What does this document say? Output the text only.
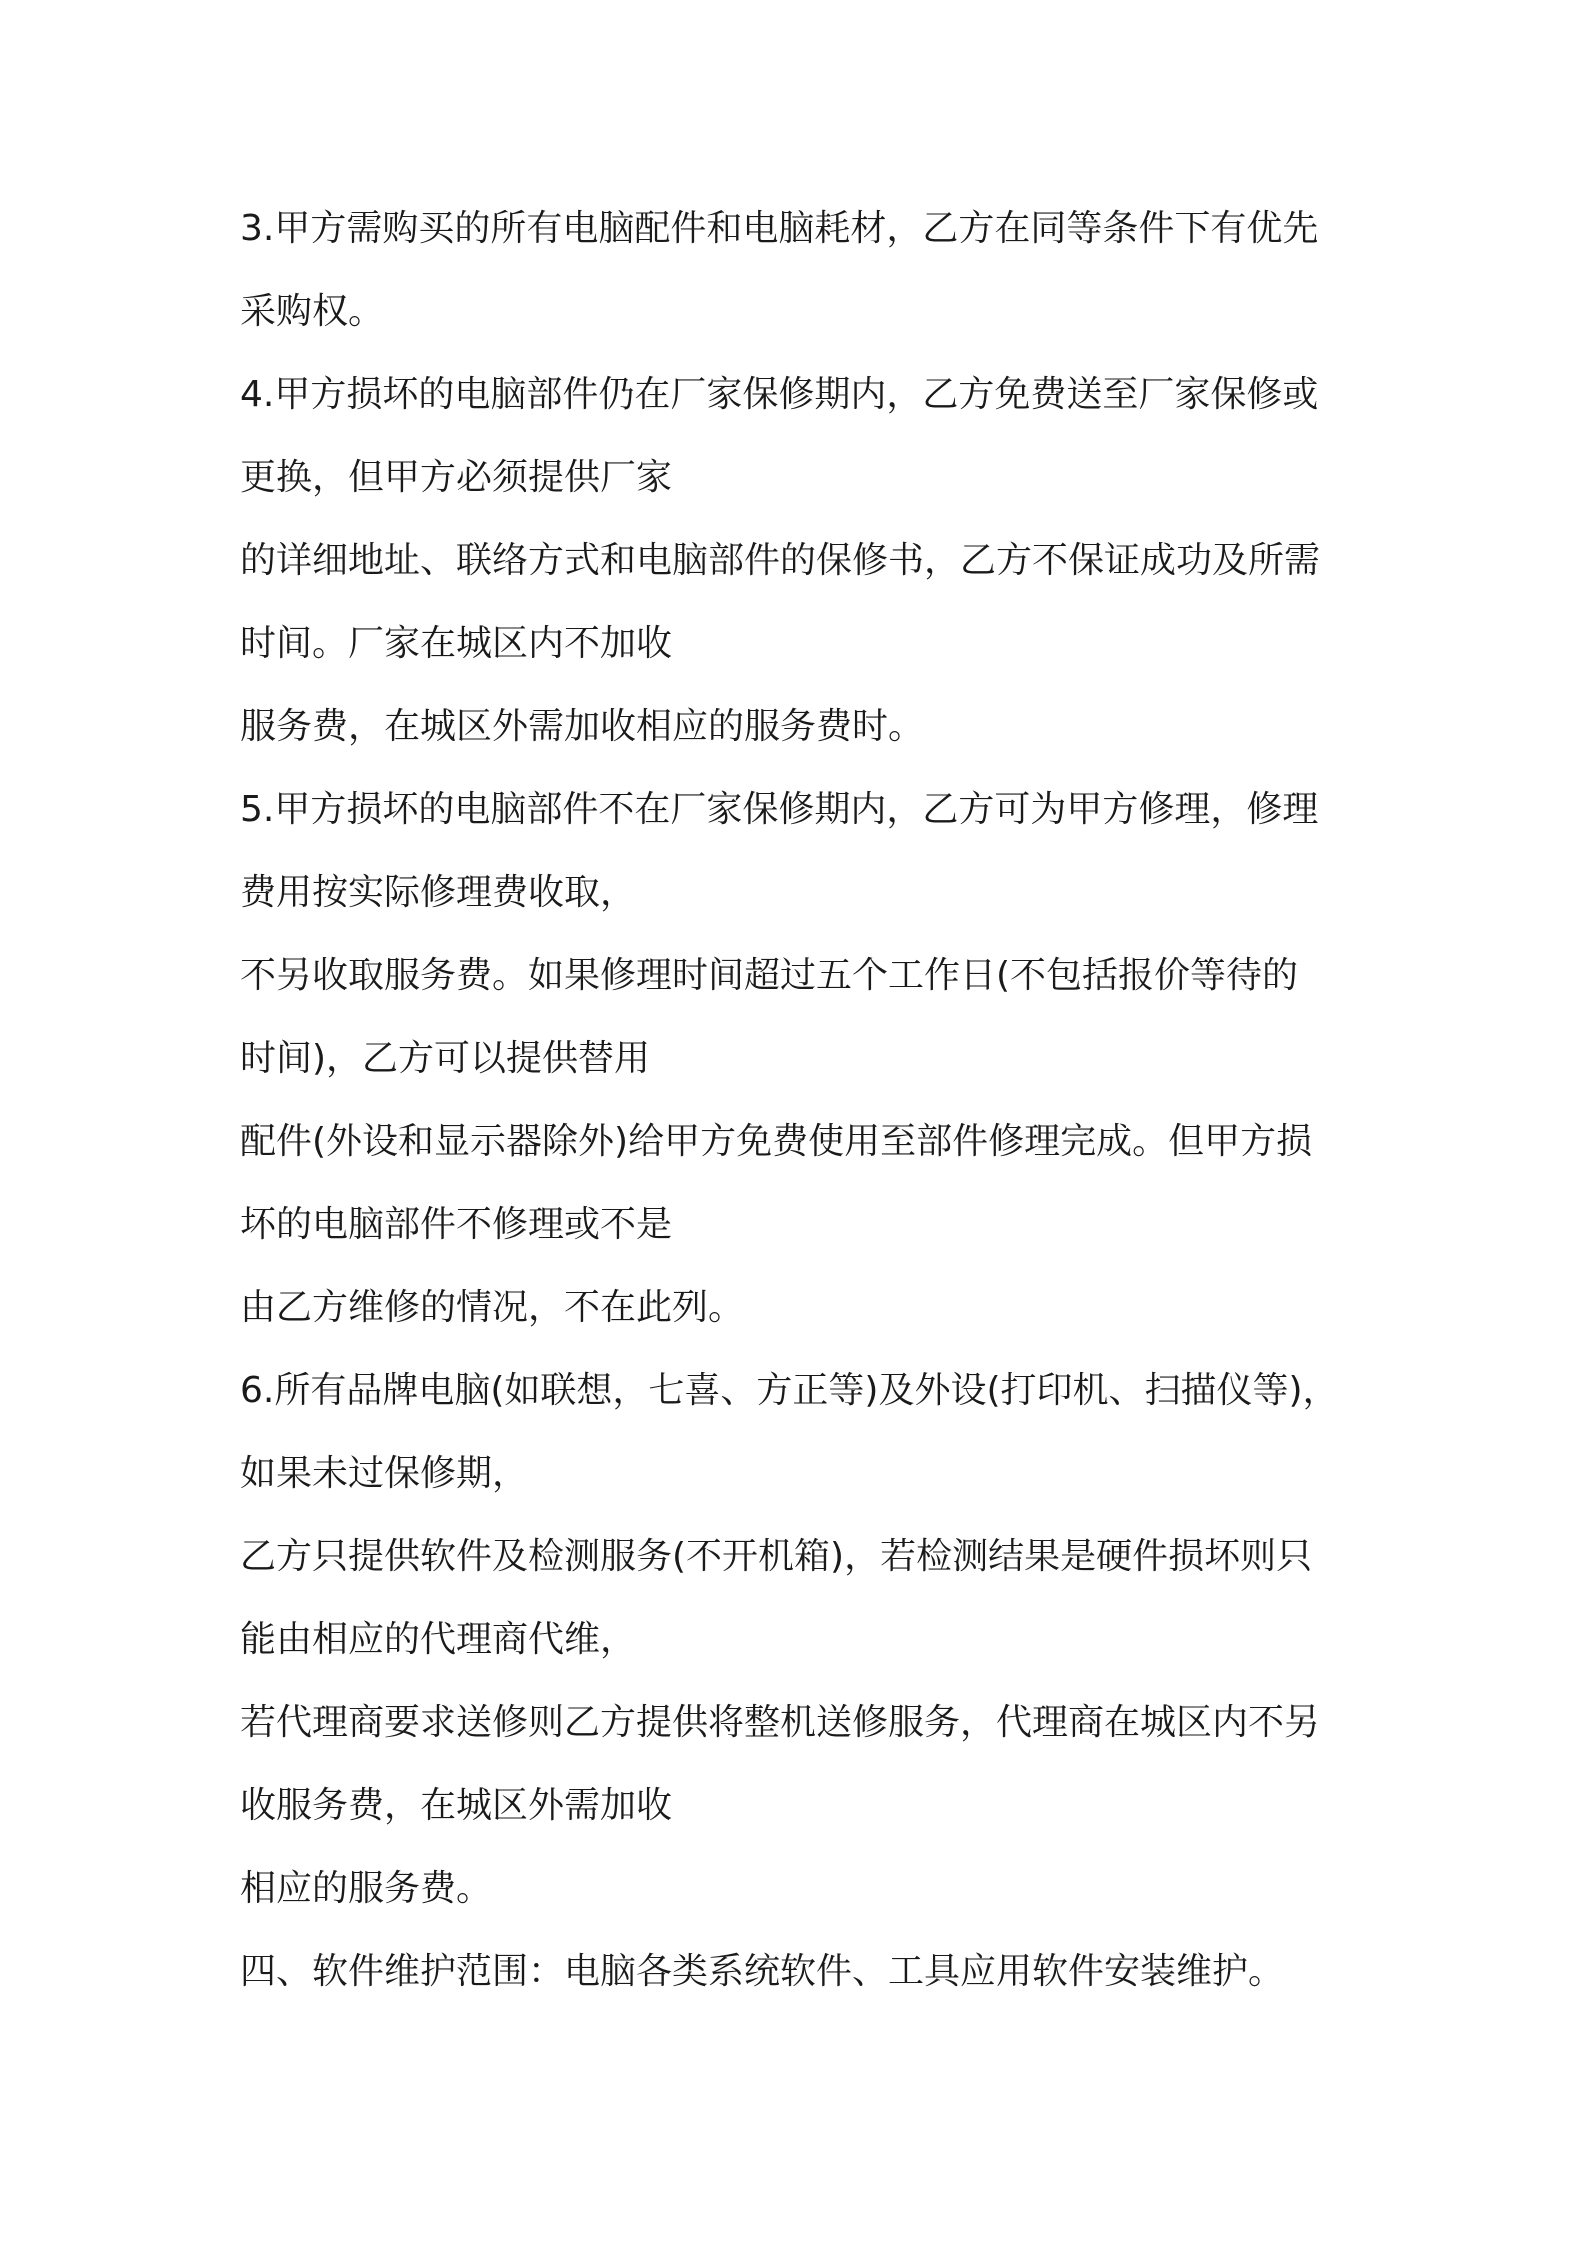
3.甲方需购买的所有电脑配件和电脑耗材，乙方在同等条件下有优先
采购权。
4.甲方损坏的电脑部件仍在厂家保修期内，乙方免费送至厂家保修或
更换，但甲方必须提供厂家
的详细地址、联络方式和电脑部件的保修书，乙方不保证成功及所需
时间。厂家在城区内不加收
服务费，在城区外需加收相应的服务费时。
5.甲方损坏的电脑部件不在厂家保修期内，乙方可为甲方修理，修理
费用按实际修理费收取，
不另收取服务费。如果修理时间超过五个工作日(不包括报价等待的
时间)，乙方可以提供替用
配件(外设和显示器除外)给甲方免费使用至部件修理完成。但甲方损
坏的电脑部件不修理或不是
由乙方维修的情况，不在此列。
6.所有品牌电脑(如联想，七喜、方正等)及外设(打印机、扫描仪等)，
如果未过保修期，
乙方只提供软件及检测服务(不开机箱)，若检测结果是硬件损坏则只
能由相应的代理商代维，
若代理商要求送修则乙方提供将整机送修服务，代理商在城区内不另
收服务费，在城区外需加收
相应的服务费。
四、软件维护范围：电脑各类系统软件、工具应用软件安装维护。
